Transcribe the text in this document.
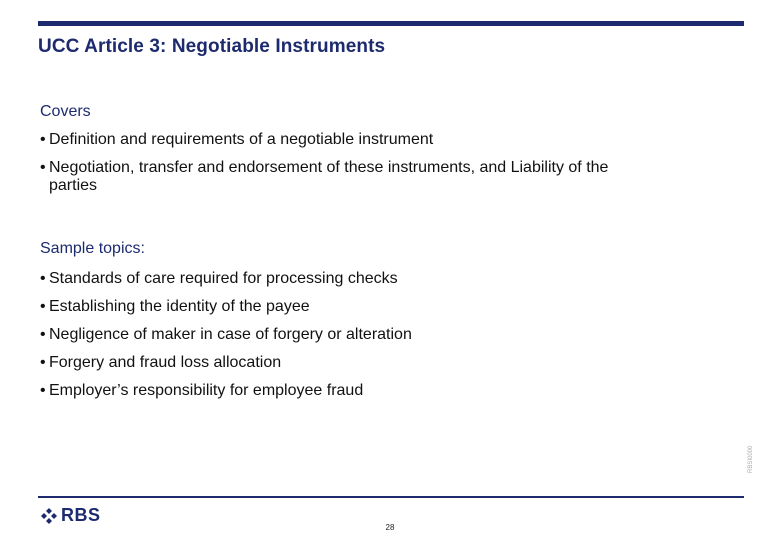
UCC Article 3: Negotiable Instruments
Covers
• Definition and requirements of a negotiable instrument
• Negotiation, transfer and endorsement of these instruments, and Liability of the parties
Sample topics:
• Standards of care required for processing checks
• Establishing the identity of the payee
• Negligence of maker in case of forgery or alteration
• Forgery and fraud loss allocation
• Employer’s responsibility for employee fraud
RBSI0000
RBS
28
